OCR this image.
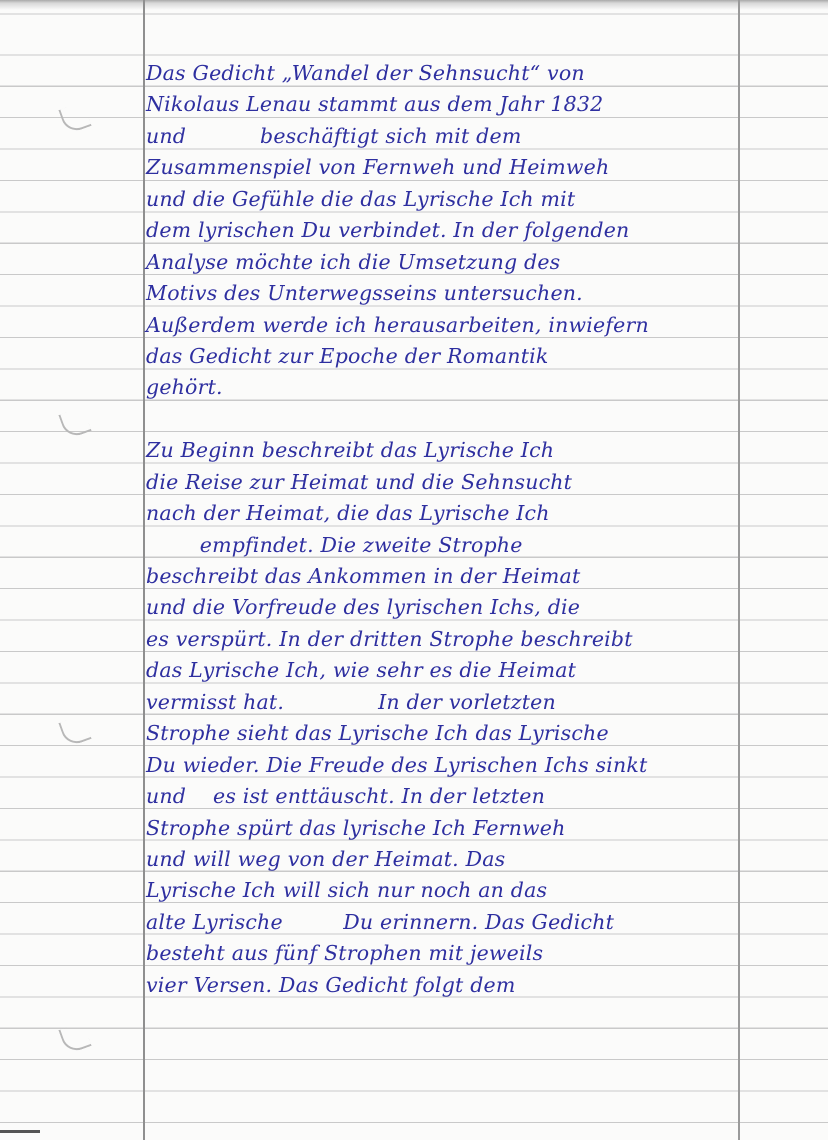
Das Gedicht „Wandel der Sehnsucht“ von
Nikolaus Lenau stammt aus dem Jahr 1832
und           beschäftigt sich mit dem
Zusammenspiel von Fernweh und Heimweh
und die Gefühle die das Lyrische Ich mit
dem lyrischen Du verbindet. In der folgenden
Analyse möchte ich die Umsetzung des
Motivs des Unterwegsseins untersuchen.
Außerdem werde ich herausarbeiten, inwiefern
das Gedicht zur Epoche der Romantik
gehört.
Zu Beginn beschreibt das Lyrische Ich
die Reise zur Heimat und die Sehnsucht
nach der Heimat, die das Lyrische Ich
empfindet. Die zweite Strophe
beschreibt das Ankommen in der Heimat
und die Vorfreude des lyrischen Ichs, die
es verspürt. In der dritten Strophe beschreibt
das Lyrische Ich, wie sehr es die Heimat
vermisst hat.              In der vorletzten
Strophe sieht das Lyrische Ich das Lyrische
Du wieder. Die Freude des Lyrischen Ichs sinkt
und    es ist enttäuscht. In der letzten
Strophe spürt das lyrische Ich Fernweh
und will weg von der Heimat. Das
Lyrische Ich will sich nur noch an das
alte Lyrische         Du erinnern. Das Gedicht
besteht aus fünf Strophen mit jeweils
vier Versen. Das Gedicht folgt dem
